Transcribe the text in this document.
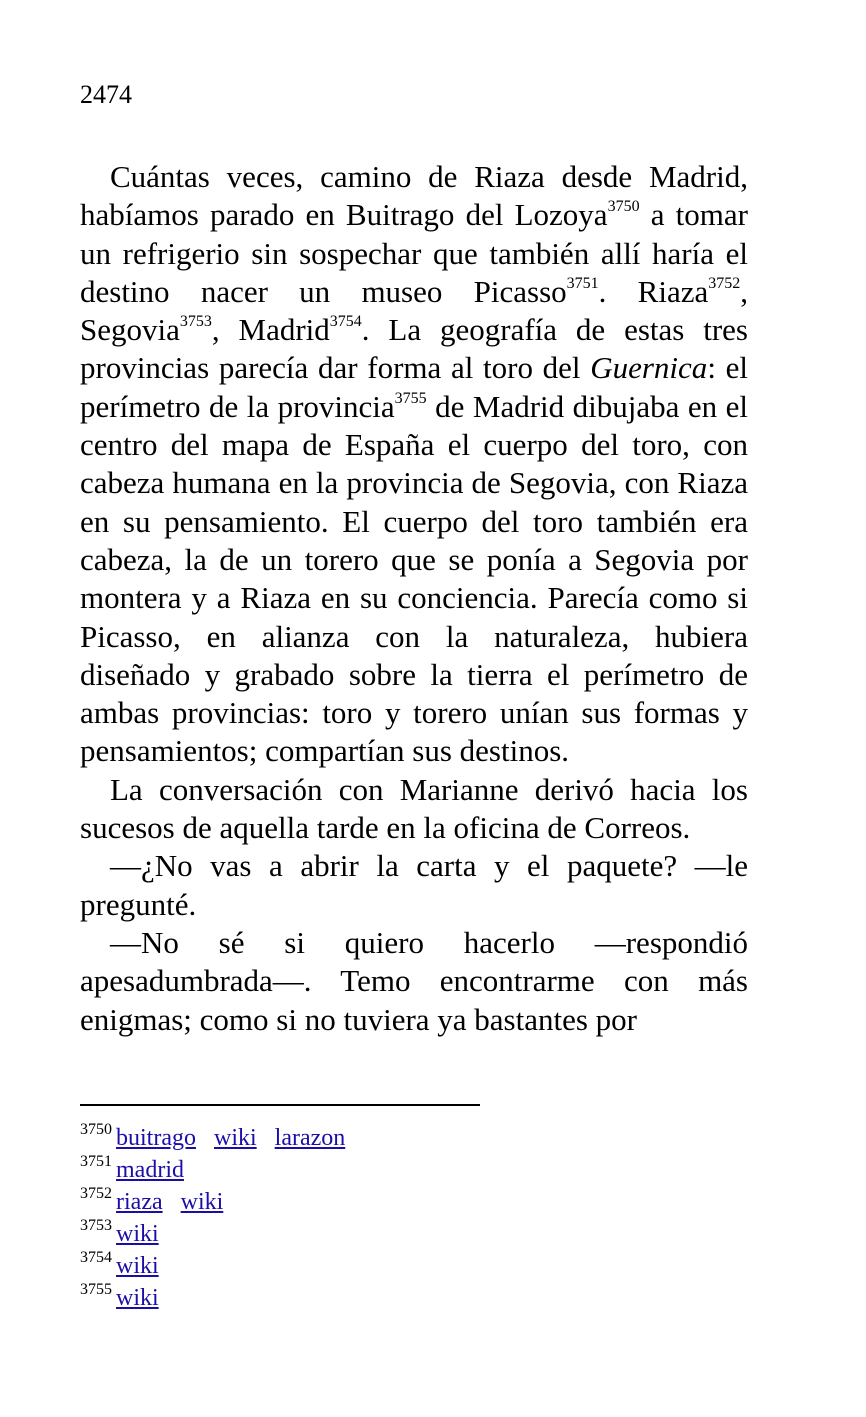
2474

Cuántas veces, camino de Riaza desde Madrid, habíamos parado en Buitrago del Lozoya$^{3750}$ a tomar un refrigerio sin sospechar que también allí haría el destino nacer un museo Picasso$^{3751}$. Riaza$^{3752}$, Segovia$^{3753}$, Madrid$^{3754}$. La geografía de estas tres provincias parecía dar forma al toro del Guernica: el perímetro de la provincia$^{3755}$ de Madrid dibujaba en el centro del mapa de España el cuerpo del toro, con cabeza humana en la provincia de Segovia, con Riaza en su pensamiento. El cuerpo del toro también era cabeza, la de un torero que se ponía a Segovia por montera y a Riaza en su conciencia. Parecía como si Picasso, en alianza con la naturaleza, hubiera diseñado y grabado sobre la tierra el perímetro de ambas provincias: toro y torero unían sus formas y pensamientos; compartían sus destinos.

La conversación con Marianne derivó hacia los sucesos de aquella tarde en la oficina de Correos.

—¿No vas a abrir la carta y el paquete? —le pregunté.

—No sé si quiero hacerlo —respondió apesadumbrada—. Temo encontrarme con más enigmas; como si no tuviera ya bastantes por

$^{3750}$ buitrago wiki larazon
$^{3751}$ madrid
$^{3752}$ riaza wiki
$^{3753}$ wiki
$^{3754}$ wiki
$^{3755}$ wiki
